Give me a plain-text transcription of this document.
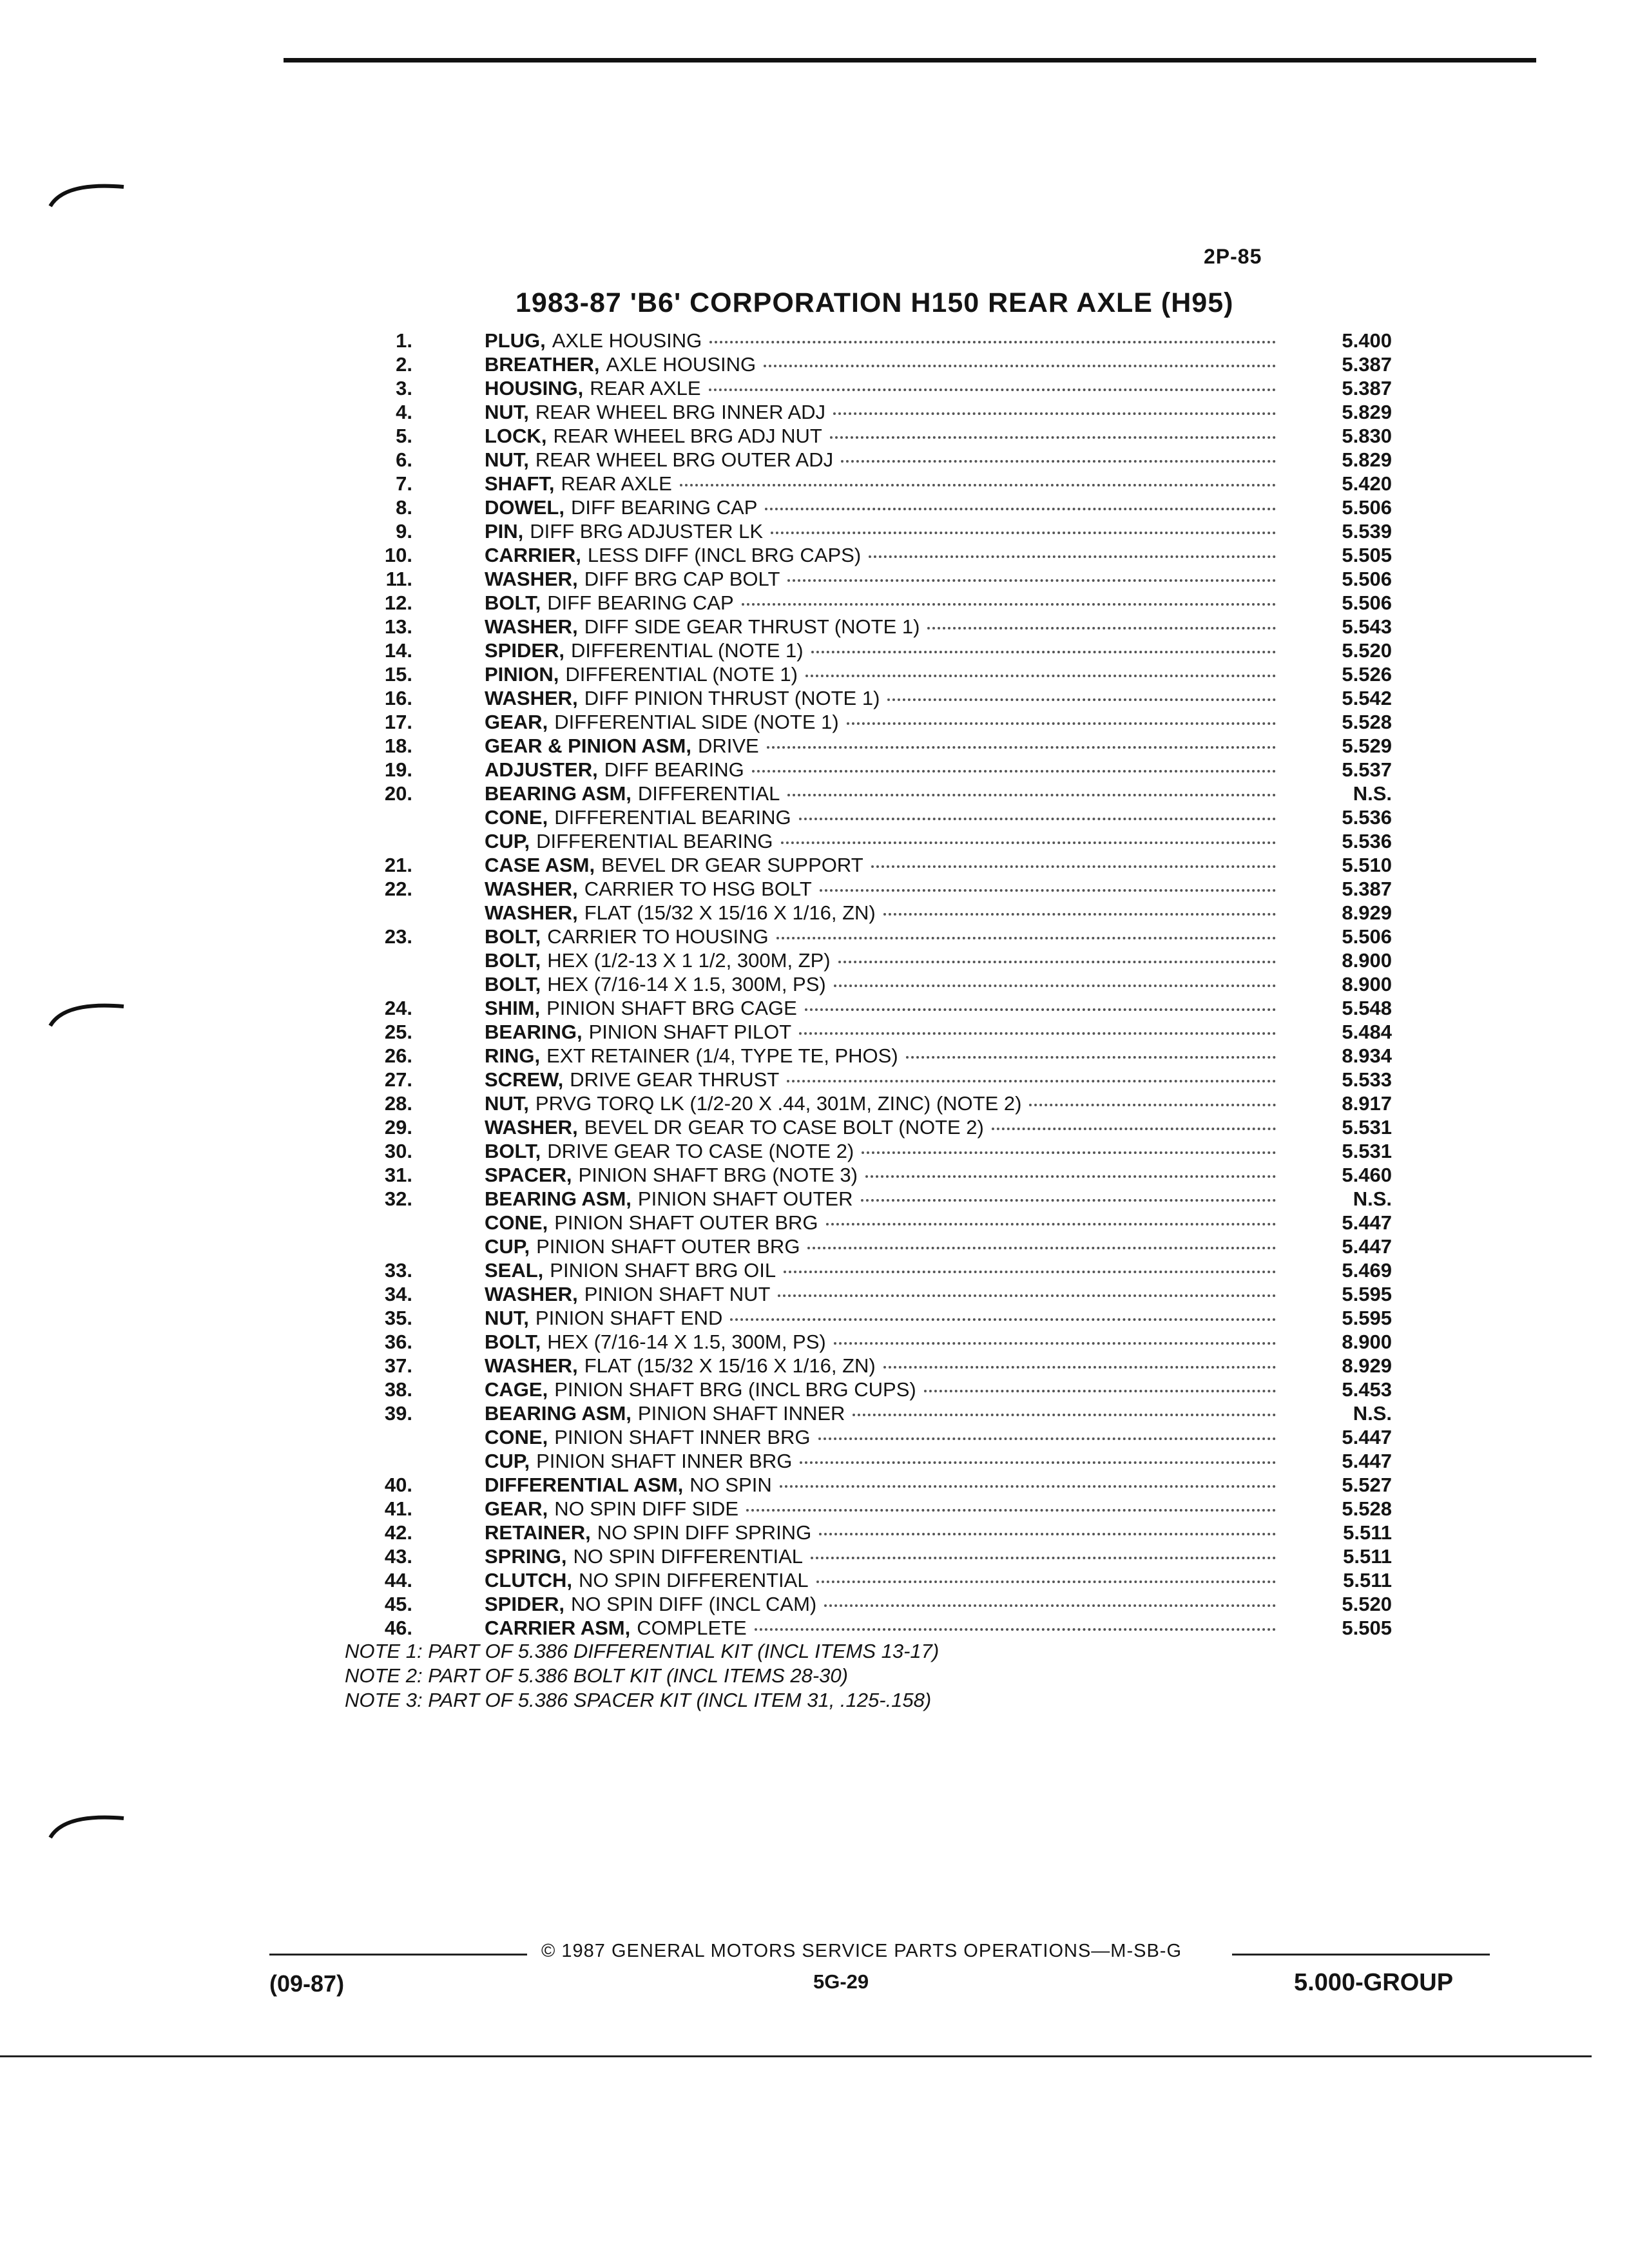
2P-85
1983-87 'B6' CORPORATION H150 REAR AXLE (H95)
1.	PLUG, AXLE HOUSING	5.400
2.	BREATHER, AXLE HOUSING	5.387
3.	HOUSING, REAR AXLE	5.387
4.	NUT, REAR WHEEL BRG INNER ADJ	5.829
5.	LOCK, REAR WHEEL BRG ADJ NUT	5.830
6.	NUT, REAR WHEEL BRG OUTER ADJ	5.829
7.	SHAFT, REAR AXLE	5.420
8.	DOWEL, DIFF BEARING CAP	5.506
9.	PIN, DIFF BRG ADJUSTER LK	5.539
10.	CARRIER, LESS DIFF (INCL BRG CAPS)	5.505
11.	WASHER, DIFF BRG CAP BOLT	5.506
12.	BOLT, DIFF BEARING CAP	5.506
13.	WASHER, DIFF SIDE GEAR THRUST (NOTE 1)	5.543
14.	SPIDER, DIFFERENTIAL (NOTE 1)	5.520
15.	PINION, DIFFERENTIAL (NOTE 1)	5.526
16.	WASHER, DIFF PINION THRUST (NOTE 1)	5.542
17.	GEAR, DIFFERENTIAL SIDE (NOTE 1)	5.528
18.	GEAR & PINION ASM, DRIVE	5.529
19.	ADJUSTER, DIFF BEARING	5.537
20.	BEARING ASM, DIFFERENTIAL	N.S.
CONE, DIFFERENTIAL BEARING	5.536
CUP, DIFFERENTIAL BEARING	5.536
21.	CASE ASM, BEVEL DR GEAR SUPPORT	5.510
22.	WASHER, CARRIER TO HSG BOLT	5.387
WASHER, FLAT (15/32 X 15/16 X 1/16, ZN)	8.929
23.	BOLT, CARRIER TO HOUSING	5.506
BOLT, HEX (1/2-13 X 1 1/2, 300M, ZP)	8.900
BOLT, HEX (7/16-14 X 1.5, 300M, PS)	8.900
24.	SHIM, PINION SHAFT BRG CAGE	5.548
25.	BEARING, PINION SHAFT PILOT	5.484
26.	RING, EXT RETAINER (1/4, TYPE TE, PHOS)	8.934
27.	SCREW, DRIVE GEAR THRUST	5.533
28.	NUT, PRVG TORQ LK (1/2-20 X .44, 301M, ZINC) (NOTE 2)	8.917
29.	WASHER, BEVEL DR GEAR TO CASE BOLT (NOTE 2)	5.531
30.	BOLT, DRIVE GEAR TO CASE (NOTE 2)	5.531
31.	SPACER, PINION SHAFT BRG (NOTE 3)	5.460
32.	BEARING ASM, PINION SHAFT OUTER	N.S.
CONE, PINION SHAFT OUTER BRG	5.447
CUP, PINION SHAFT OUTER BRG	5.447
33.	SEAL, PINION SHAFT BRG OIL	5.469
34.	WASHER, PINION SHAFT NUT	5.595
35.	NUT, PINION SHAFT END	5.595
36.	BOLT, HEX (7/16-14 X 1.5, 300M, PS)	8.900
37.	WASHER, FLAT (15/32 X 15/16 X 1/16, ZN)	8.929
38.	CAGE, PINION SHAFT BRG (INCL BRG CUPS)	5.453
39.	BEARING ASM, PINION SHAFT INNER	N.S.
CONE, PINION SHAFT INNER BRG	5.447
CUP, PINION SHAFT INNER BRG	5.447
40.	DIFFERENTIAL ASM, NO SPIN	5.527
41.	GEAR, NO SPIN DIFF SIDE	5.528
42.	RETAINER, NO SPIN DIFF SPRING	5.511
43.	SPRING, NO SPIN DIFFERENTIAL	5.511
44.	CLUTCH, NO SPIN DIFFERENTIAL	5.511
45.	SPIDER, NO SPIN DIFF (INCL CAM)	5.520
46.	CARRIER ASM, COMPLETE	5.505
NOTE 1: PART OF 5.386 DIFFERENTIAL KIT (INCL ITEMS 13-17)
NOTE 2: PART OF 5.386 BOLT KIT (INCL ITEMS 28-30)
NOTE 3: PART OF 5.386 SPACER KIT (INCL ITEM 31, .125-.158)
© 1987 GENERAL MOTORS SERVICE PARTS OPERATIONS—M-SB-G
(09-87)	5G-29	5.000-GROUP
